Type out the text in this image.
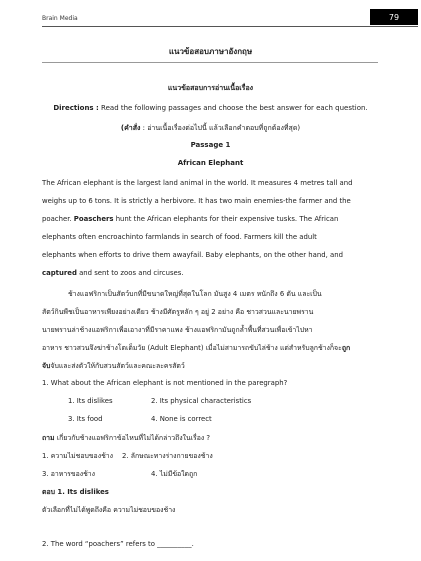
Brain Media	79
แนวข้อสอบภาษาอังกฤษ
แนวข้อสอบการอ่านเนื้อเรื่อง
Directions : Read the following passages and choose the best answer for each question.
(คำสั่ง : อ่านเนื้อเรื่องต่อไปนี้ แล้วเลือกคำตอบที่ถูกต้องที่สุด)
Passage 1
African Elephant
The African elephant is the largest land animal in the world. It measures 4 metres tall and
weighs up to 6 tons. It is strictly a herbivore. It has two main enemies-the farmer and the
poacher. Poaschers hunt the African elephants for their expensive tusks. The African
elephants often encroachinto farmlands in search of food. Farmers kill the adult
elephants when efforts to drive them awayfail. Baby elephants, on the other hand, and
captured and sent to zoos and circuses.
ช้างแอฟริกาเป็นสัตว์บกที่มีขนาดใหญ่ที่สุดในโลก มันสูง 4 เมตร หนักถึง 6 ตัน และเป็น
สัตว์กินพืชเป็นอาหารเพียงอย่างเดียว ช้างมีศัตรูหลัก ๆ อยู่ 2 อย่าง คือ ชาวสวนและนายพราน
นายพรานล่าช้างแอฟริกาเพื่อเอางาที่มีราคาแพง ช้างแอฟริกามันถูกล้ำพื้นที่สวนเพื่อเข้าไปหา
อาหาร ชาวสวนจึงฆ่าช้างโตเต็มวัย (Adult Elephant) เมื่อไม่สามารถขับไล่ช้าง แต่สำหรับลูกช้างก็จะถูก
จับจับและส่งตัวให้กับสวนสัตว์และคณะละครสัตว์
1. What about the African elephant is not mentioned in the paregraph?
1. Its dislikes	2. Its physical characteristics
3. Its food	4. None is correct
ถาม เกี่ยวกับช้างแอฟริกาข้อไหนที่ไม่ได้กล่าวถึงในเรื่อง ?
1. ความไม่ชอบของช้าง 2. ลักษณะทางร่างกายของช้าง
3. อาหารของช้าง	4. ไม่มีข้อใดถูก
ตอบ 1. Its dislikes
ตัวเลือกที่ไม่ได้พูดถึงคือ ความไม่ชอบของช้าง
2. The word “poachers” refers to __________.
